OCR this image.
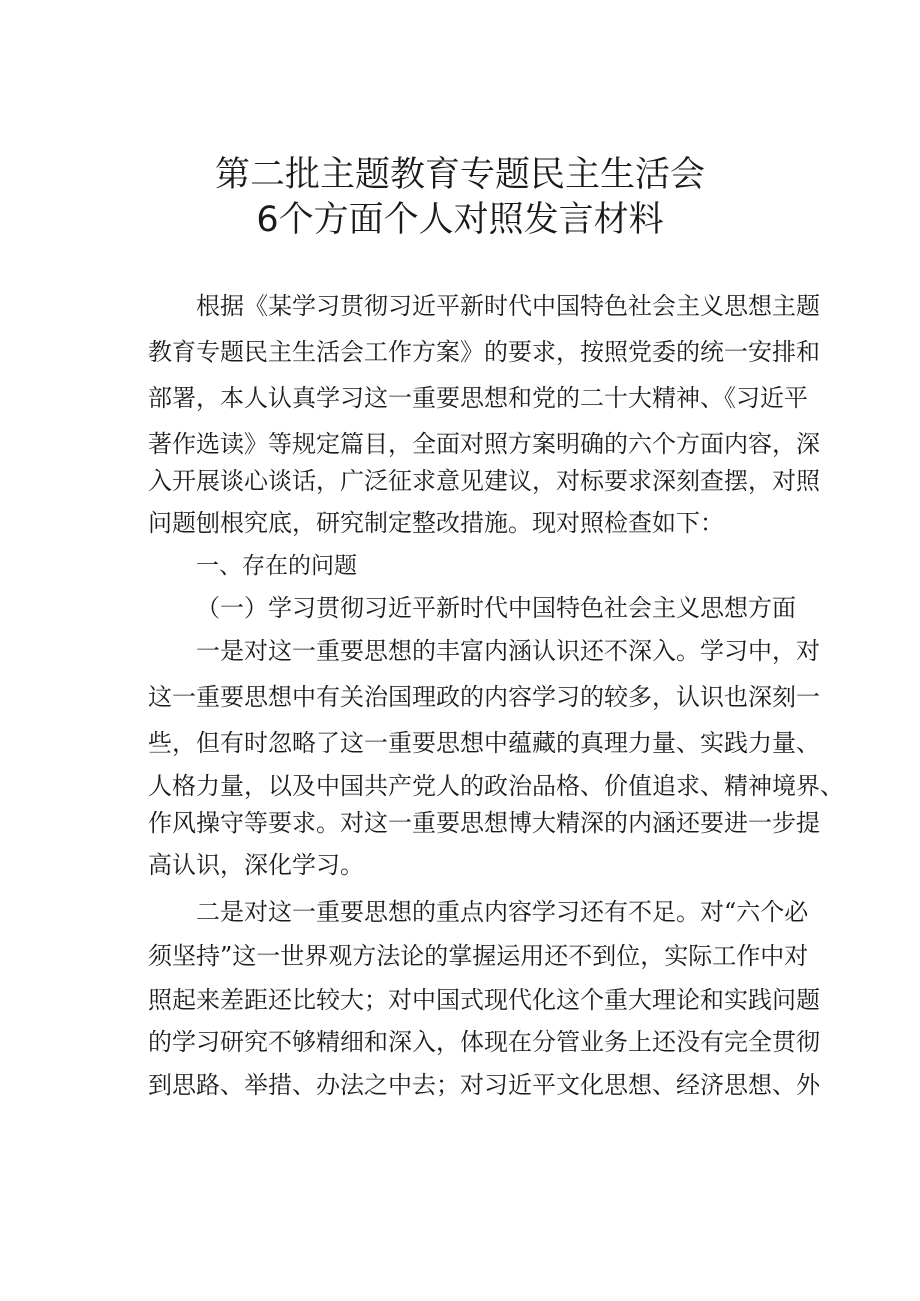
第二批主题教育专题民主生活会
6个方面个人对照发言材料
根据《某学习贯彻习近平新时代中国特色社会主义思想主题
教育专题民主生活会工作方案》的要求，按照党委的统一安排和
部署，本人认真学习这一重要思想和党的二十大精神、《习近平
著作选读》等规定篇目，全面对照方案明确的六个方面内容，深
入开展谈心谈话，广泛征求意见建议，对标要求深刻查摆，对照
问题刨根究底，研究制定整改措施。现对照检查如下：
一、存在的问题
（一）学习贯彻习近平新时代中国特色社会主义思想方面
一是对这一重要思想的丰富内涵认识还不深入。学习中，对
这一重要思想中有关治国理政的内容学习的较多，认识也深刻一
些，但有时忽略了这一重要思想中蕴藏的真理力量、实践力量、
人格力量，以及中国共产党人的政治品格、价值追求、精神境界、
作风操守等要求。对这一重要思想博大精深的内涵还要进一步提
高认识，深化学习。
二是对这一重要思想的重点内容学习还有不足。对“六个必
须坚持”这一世界观方法论的掌握运用还不到位，实际工作中对
照起来差距还比较大；对中国式现代化这个重大理论和实践问题
的学习研究不够精细和深入，体现在分管业务上还没有完全贯彻
到思路、举措、办法之中去；对习近平文化思想、经济思想、外
